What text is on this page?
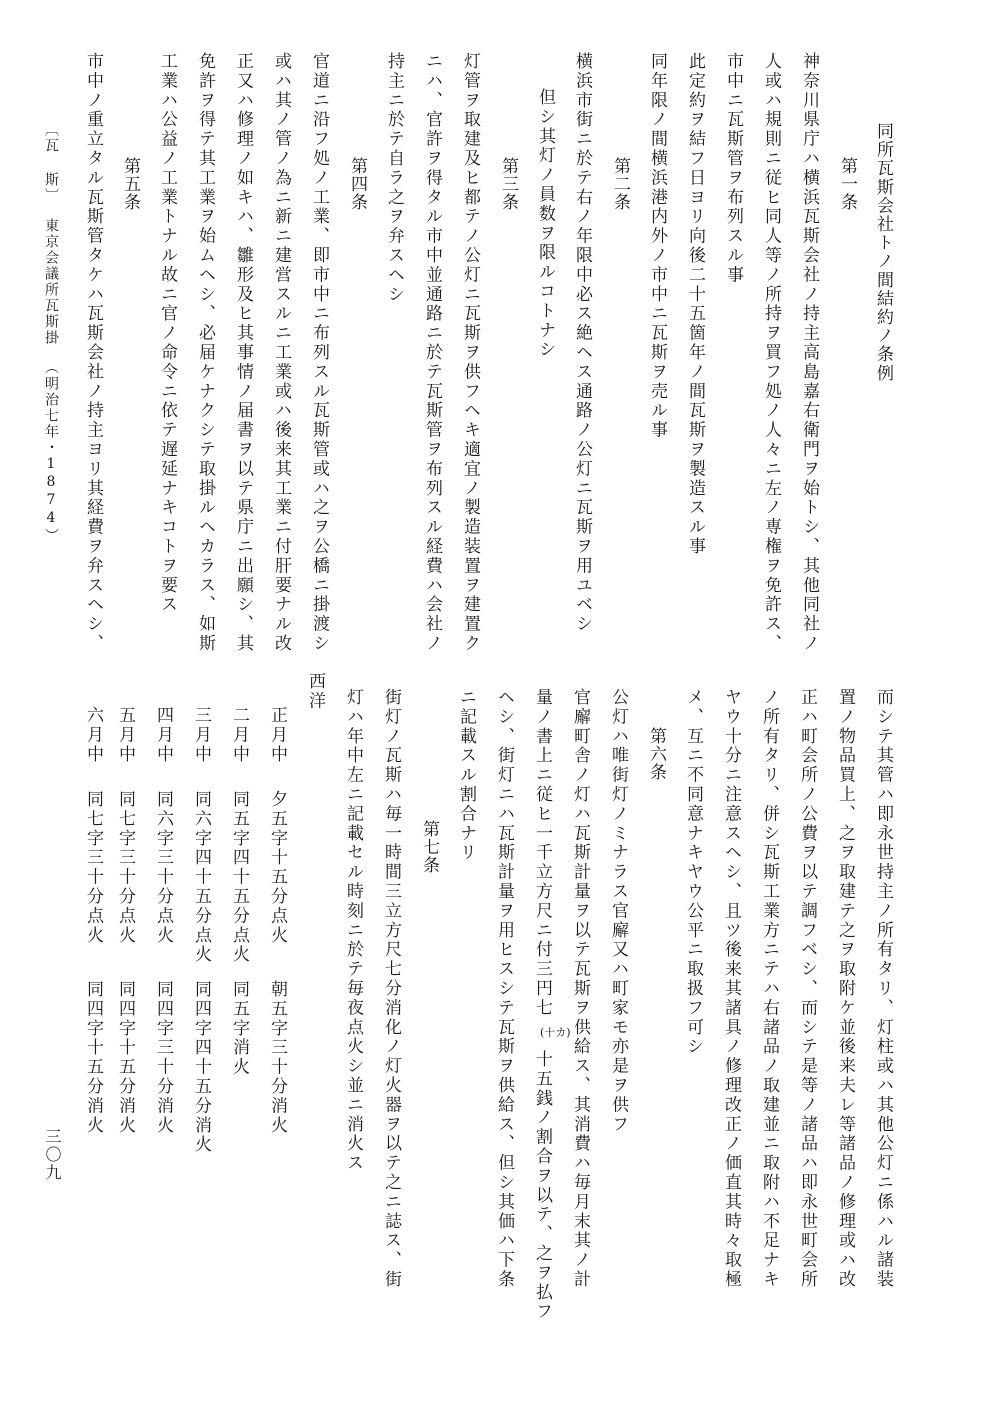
同所瓦斯会社トノ間結約ノ条例
第一条
神奈川県庁ハ横浜瓦斯会社ノ持主高島嘉右衛門ヲ始トシ、其他同社ノ
人或ハ規則ニ従ヒ同人等ノ所持ヲ買フ処ノ人々ニ左ノ専権ヲ免許ス、
市中ニ瓦斯管ヲ布列スル事
此定約ヲ結フ日ヨリ向後二十五箇年ノ間瓦斯ヲ製造スル事
同年限ノ間横浜港内外ノ市中ニ瓦斯ヲ売ル事
第二条
横浜市街ニ於テ右ノ年限中必ス絶ヘス通路ノ公灯ニ瓦斯ヲ用ユベシ
但シ其灯ノ員数ヲ限ルコトナシ
第三条
灯管ヲ取建及ヒ都テノ公灯ニ瓦斯ヲ供フヘキ適宜ノ製造装置ヲ建置ク
ニハ、官許ヲ得タル市中並通路ニ於テ瓦斯管ヲ布列スル経費ハ会社ノ
持主ニ於テ自ラ之ヲ弁スヘシ
第四条
官道ニ沿フ処ノ工業、即市中ニ布列スル瓦斯管或ハ之ヲ公橋ニ掛渡シ
或ハ其ノ管ノ為ニ新ニ建営スルニ工業或ハ後来其工業ニ付肝要ナル改
正又ハ修理ノ如キハ、雛形及ヒ其事情ノ届書ヲ以テ県庁ニ出願シ、其
免許ヲ得テ其工業ヲ始ムヘシ、必届ケナクシテ取掛ルヘカラス、如斯
工業ハ公益ノ工業トナル故ニ官ノ命令ニ依テ遅延ナキコトヲ要ス
第五条
市中ノ重立タル瓦斯管タケハ瓦斯会社ノ持主ヨリ其経費ヲ弁スヘシ、
〔瓦 斯〕
東京会議所瓦斯掛
（明治七年・1874）
而シテ其管ハ即永世持主ノ所有タリ、灯柱或ハ其他公灯ニ係ハル諸装
置ノ物品買上、之ヲ取建テ之ヲ取附ケ並後来夫レ等諸品ノ修理或ハ改
正ハ町会所ノ公費ヲ以テ調フベシ、而シテ是等ノ諸品ハ即永世町会所
ノ所有タリ、併シ瓦斯工業方ニテハ右諸品ノ取建並ニ取附ハ不足ナキ
ヤウ十分ニ注意スヘシ、且ツ後来其諸具ノ修理改正ノ価直其時々取極
メ、互ニ不同意ナキヤウ公平ニ取扱フ可シ
第六条
公灯ハ唯街灯ノミナラス官廨又ハ町家モ亦是ヲ供フ
官廨町舎ノ灯ハ瓦斯計量ヲ以テ瓦斯ヲ供給ス、其消費ハ毎月末其ノ計
量ノ書上ニ従ヒ一千立方尺ニ付三円七
(十カ)
十五銭ノ割合ヲ以テ、之ヲ払フ
ヘシ、街灯ニハ瓦斯計量ヲ用ヒスシテ瓦斯ヲ供給ス、但シ其価ハ下条
ニ記載スル割合ナリ
第七条
街灯ノ瓦斯ハ毎一時間三立方尺七分消化ノ灯火器ヲ以テ之ニ誌ス、街
灯ハ年中左ニ記載セル時刻ニ於テ毎夜点火シ並ニ消火ス
西洋
正月中
夕五字十五分点火
朝五字三十分消火
二月中
同五字四十五分点火
同五字消火
三月中
同六字四十五分点火
同四字四十五分消火
四月中
同六字三十分点火
同四字三十分消火
五月中
同七字三十分点火
同四字十五分消火
六月中
同七字三十分点火
同四字十五分消火
三〇九
